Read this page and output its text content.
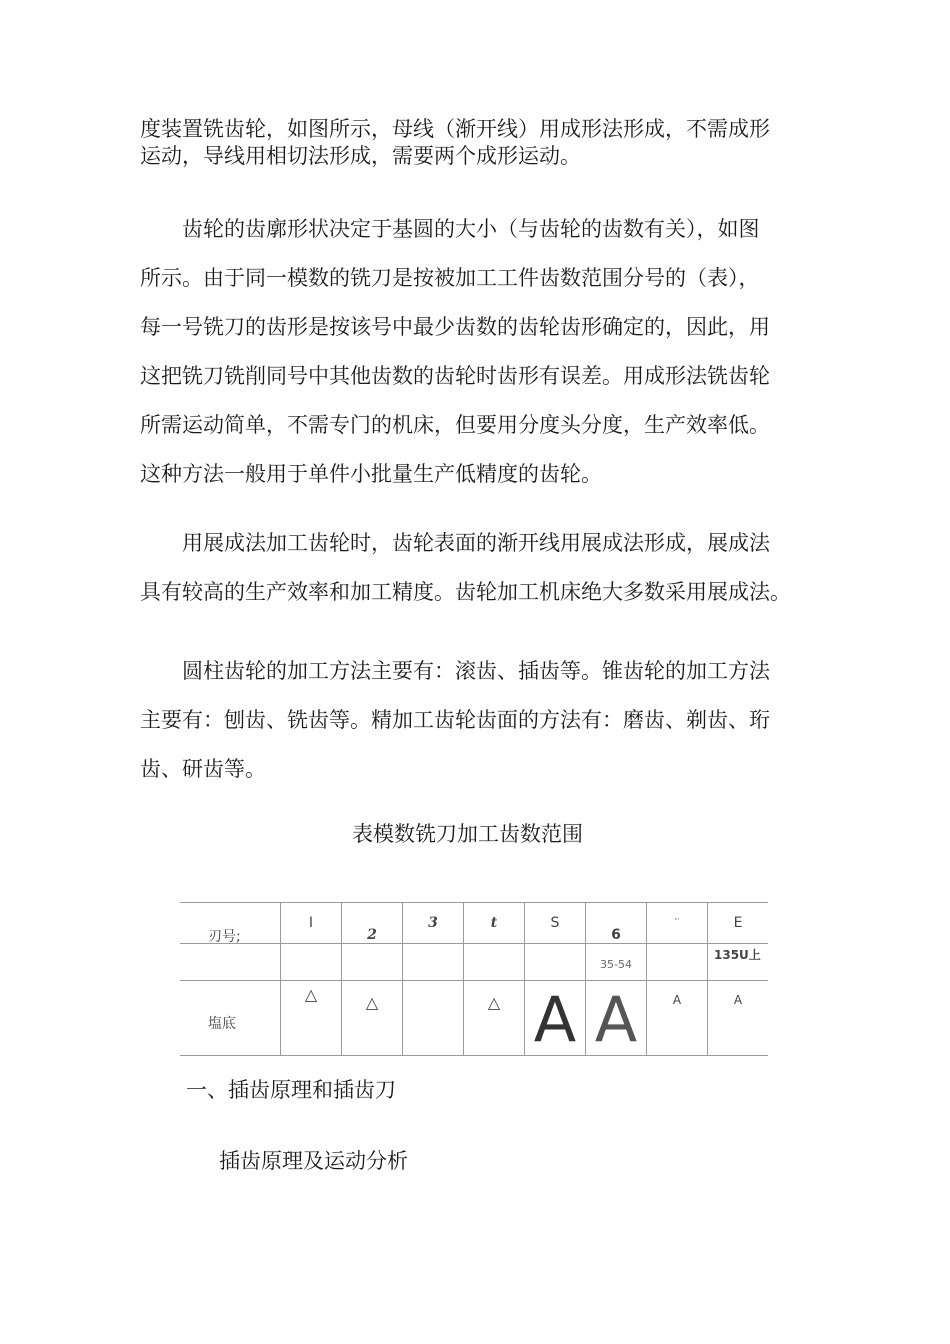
度装置铣齿轮，如图所示，母线（渐开线）用成形法形成，不需成形
运动，导线用相切法形成，需要两个成形运动。
齿轮的齿廓形状决定于基圆的大小（与齿轮的齿数有关），如图
所示。由于同一模数的铣刀是按被加工工件齿数范围分号的（表），
每一号铣刀的齿形是按该号中最少齿数的齿轮齿形确定的，因此，用
这把铣刀铣削同号中其他齿数的齿轮时齿形有误差。用成形法铣齿轮
所需运动简单，不需专门的机床，但要用分度头分度，生产效率低。
这种方法一般用于单件小批量生产低精度的齿轮。
用展成法加工齿轮时，齿轮表面的渐开线用展成法形成，展成法
具有较高的生产效率和加工精度。齿轮加工机床绝大多数采用展成法。
圆柱齿轮的加工方法主要有：滚齿、插齿等。锥齿轮的加工方法
主要有：刨齿、铣齿等。精加工齿轮齿面的方法有：磨齿、剃齿、珩
齿、研齿等。
表模数铣刀加工齿数范围
刃号;	I	2	3	t	S	6	"'	E

						35-54		135U上

塩底	△	△		△	A	A	A	A
一、插齿原理和插齿刀
插齿原理及运动分析
